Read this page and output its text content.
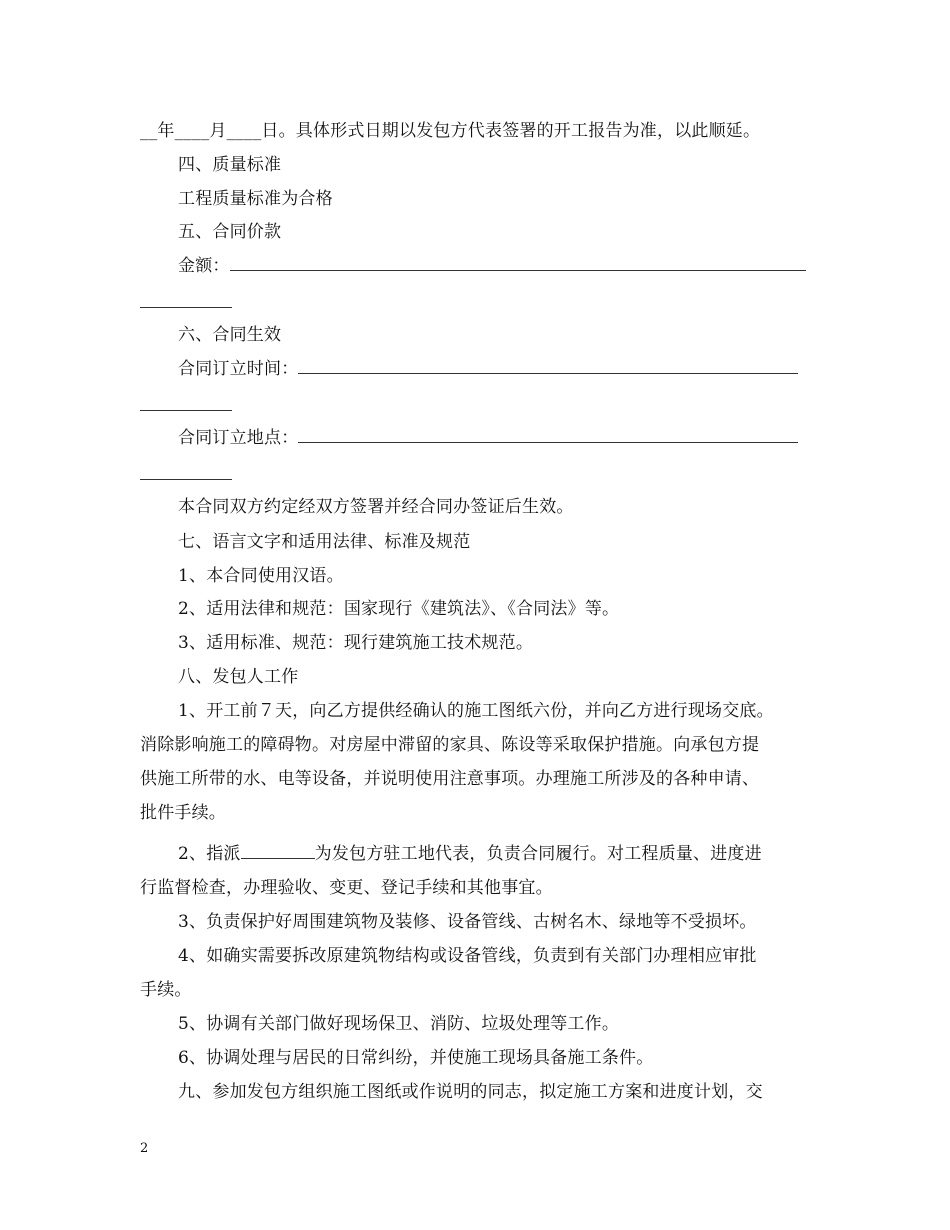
__年____月____日。具体形式日期以发包方代表签署的开工报告为准，以此顺延。
四、质量标准
工程质量标准为合格
五、合同价款
金额：
六、合同生效
合同订立时间：
合同订立地点：
本合同双方约定经双方签署并经合同办签证后生效。
七、语言文字和适用法律、标准及规范
1、本合同使用汉语。
2、适用法律和规范：国家现行《建筑法》、《合同法》等。
3、适用标准、规范：现行建筑施工技术规范。
八、发包人工作
1、开工前７天，向乙方提供经确认的施工图纸六份，并向乙方进行现场交底。
消除影响施工的障碍物。对房屋中滞留的家具、陈设等采取保护措施。向承包方提
供施工所带的水、电等设备，并说明使用注意事项。办理施工所涉及的各种申请、
批件手续。
2、指派	为发包方驻工地代表，负责合同履行。对工程质量、进度进
行监督检查，办理验收、变更、登记手续和其他事宜。
3、负责保护好周围建筑物及装修、设备管线、古树名木、绿地等不受损坏。
4、如确实需要拆改原建筑物结构或设备管线，负责到有关部门办理相应审批
手续。
5、协调有关部门做好现场保卫、消防、垃圾处理等工作。
6、协调处理与居民的日常纠纷，并使施工现场具备施工条件。
九、参加发包方组织施工图纸或作说明的同志，拟定施工方案和进度计划，交
2
